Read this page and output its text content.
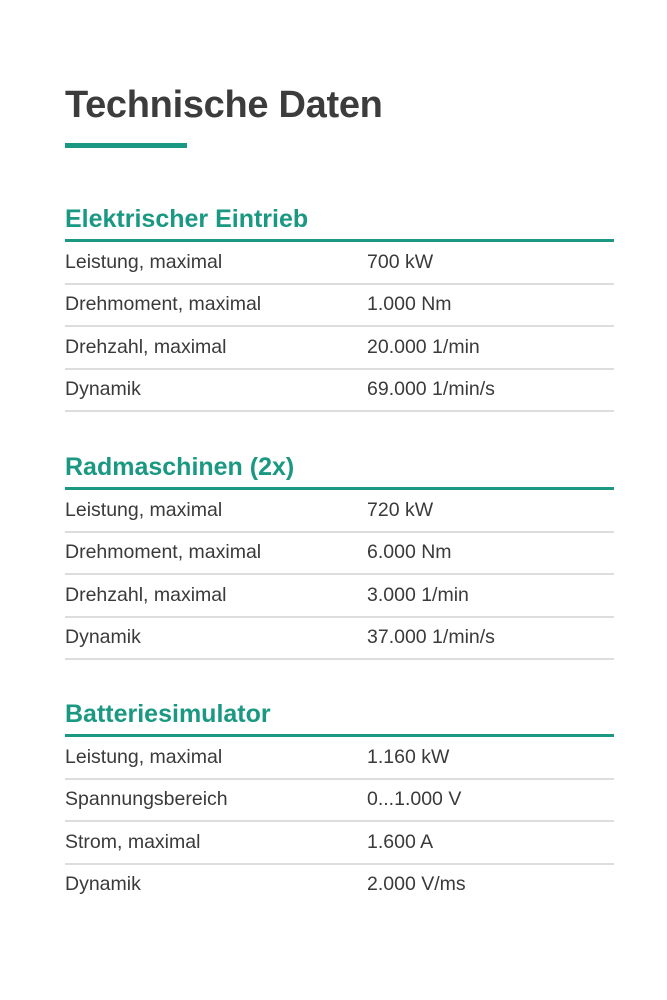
Technische Daten
Elektrischer Eintrieb
Leistung, maximal	700 kW
Drehmoment, maximal	1.000 Nm
Drehzahl, maximal	20.000 1/min
Dynamik	69.000 1/min/s
Radmaschinen (2x)
Leistung, maximal	720 kW
Drehmoment, maximal	6.000 Nm
Drehzahl, maximal	3.000 1/min
Dynamik	37.000 1/min/s
Batteriesimulator
Leistung, maximal	1.160 kW
Spannungsbereich	0...1.000 V
Strom, maximal	1.600 A
Dynamik	2.000 V/ms
